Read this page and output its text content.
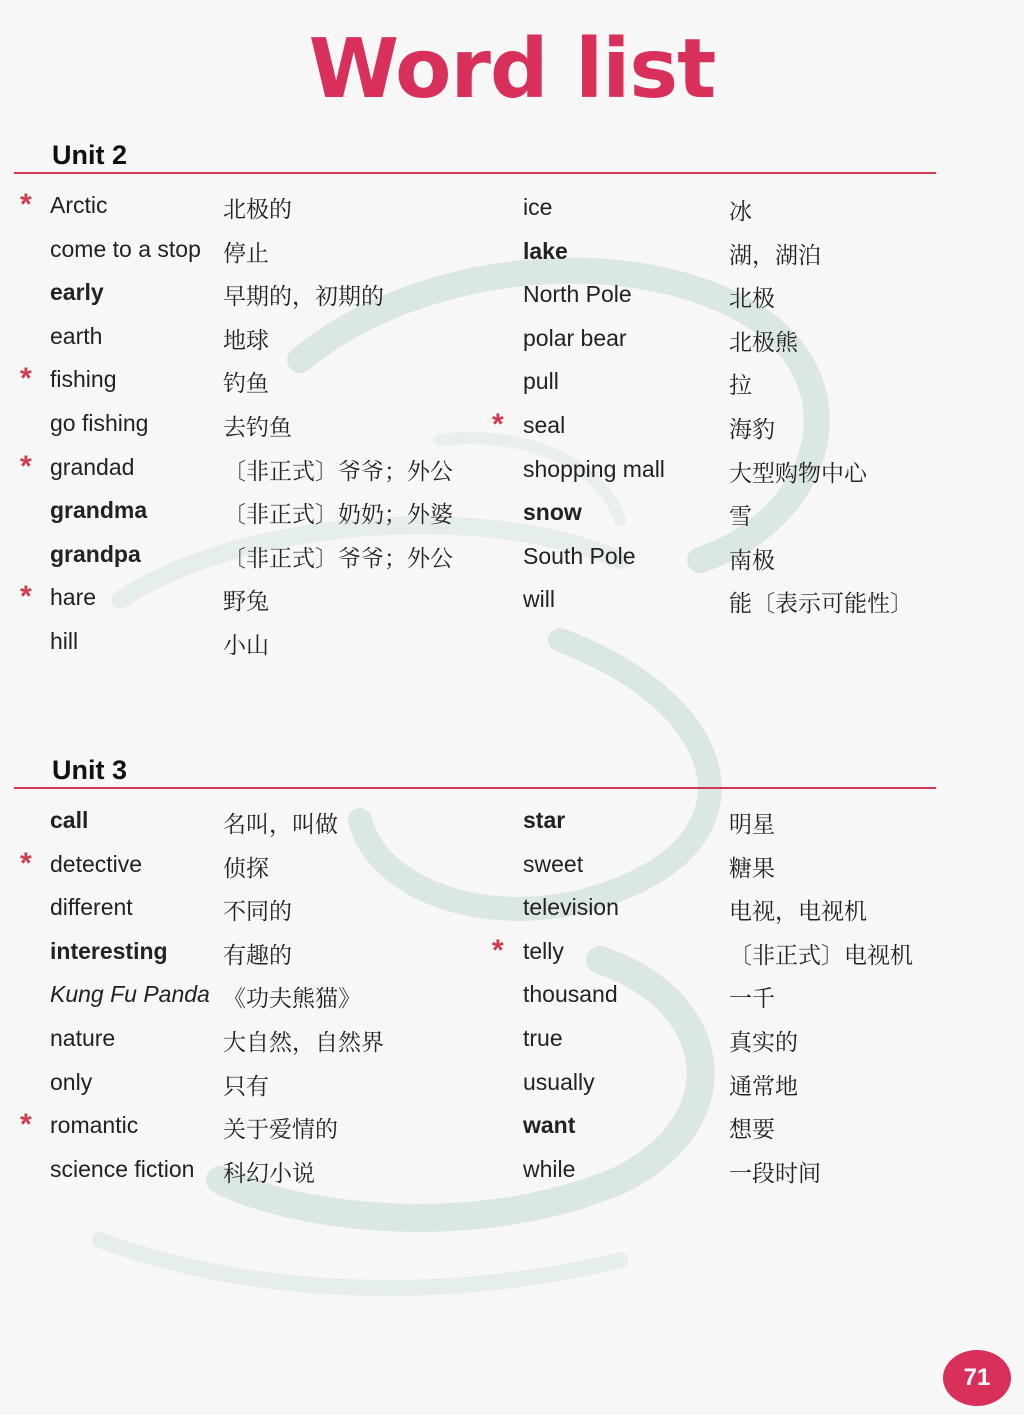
Word list
Unit 2
* Arctic	北极的
come to a stop 停止
early	早期的，初期的
earth	地球
* fishing	钓鱼
go fishing	去钓鱼
* grandad	〔非正式〕爷爷；外公
grandma	〔非正式〕奶奶；外婆
grandpa	〔非正式〕爷爷；外公
* hare	野兔
hill	小山
ice	冰
lake	湖，湖泊
North Pole	北极
polar bear	北极熊
pull	拉
* seal	海豹
shopping mall	大型购物中心
snow	雪
South Pole	南极
will	能〔表示可能性〕
Unit 3
call	名叫，叫做
* detective	侦探
different	不同的
interesting 有趣的
Kung Fu Panda 《功夫熊猫》
nature	大自然，自然界
only	只有
* romantic	关于爱情的
science fiction 科幻小说
star	明星
sweet	糖果
television	电视，电视机
* telly	〔非正式〕电视机
thousand	一千
true	真实的
usually	通常地
want	想要
while	一段时间
71
